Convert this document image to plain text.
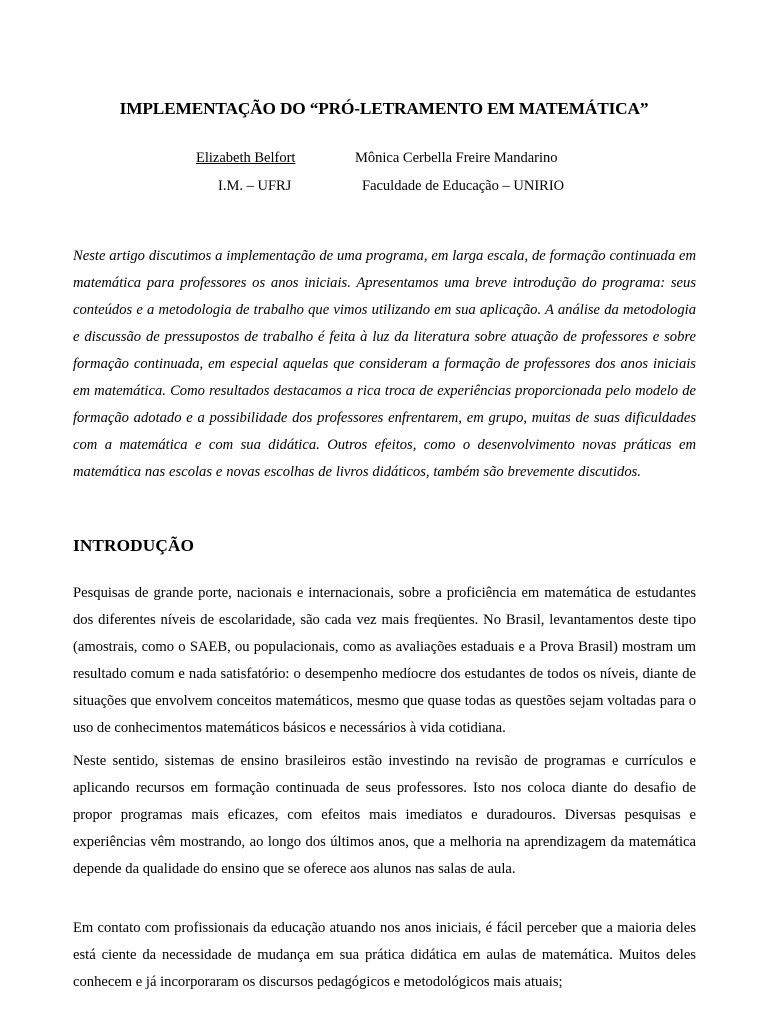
IMPLEMENTAÇÃO DO “PRÓ-LETRAMENTO EM MATEMÁTICA”
Elizabeth Belfort	Mônica Cerbella Freire Mandarino
I.M. – UFRJ	Faculdade de Educação – UNIRIO

Neste artigo discutimos a implementação de uma programa, em larga escala, de formação continuada em matemática para professores os anos iniciais. Apresentamos uma breve introdução do programa: seus conteúdos e a metodologia de trabalho que vimos utilizando em sua aplicação. A análise da metodologia e discussão de pressupostos de trabalho é feita à luz da literatura sobre atuação de professores e sobre formação continuada, em especial aquelas que consideram a formação de professores dos anos iniciais em matemática. Como resultados destacamos a rica troca de experiências proporcionada pelo modelo de formação adotado e a possibilidade dos professores enfrentarem, em grupo, muitas de suas dificuldades com a matemática e com sua didática. Outros efeitos, como o desenvolvimento novas práticas em matemática nas escolas e novas escolhas de livros didáticos, também são brevemente discutidos.

INTRODUÇÃO

Pesquisas de grande porte, nacionais e internacionais, sobre a proficiência em matemática de estudantes dos diferentes níveis de escolaridade, são cada vez mais freqüentes. No Brasil, levantamentos deste tipo (amostrais, como o SAEB, ou populacionais, como as avaliações estaduais e a Prova Brasil) mostram um resultado comum e nada satisfatório: o desempenho medíocre dos estudantes de todos os níveis, diante de situações que envolvem conceitos matemáticos, mesmo que quase todas as questões sejam voltadas para o uso de conhecimentos matemáticos básicos e necessários à vida cotidiana.

Neste sentido, sistemas de ensino brasileiros estão investindo na revisão de programas e currículos e aplicando recursos em formação continuada de seus professores. Isto nos coloca diante do desafio de propor programas mais eficazes, com efeitos mais imediatos e duradouros. Diversas pesquisas e experiências vêm mostrando, ao longo dos últimos anos, que a melhoria na aprendizagem da matemática depende da qualidade do ensino que se oferece aos alunos nas salas de aula.

Em contato com profissionais da educação atuando nos anos iniciais, é fácil perceber que a maioria deles está ciente da necessidade de mudança em sua prática didática em aulas de matemática. Muitos deles conhecem e já incorporaram os discursos pedagógicos e metodológicos mais atuais;
